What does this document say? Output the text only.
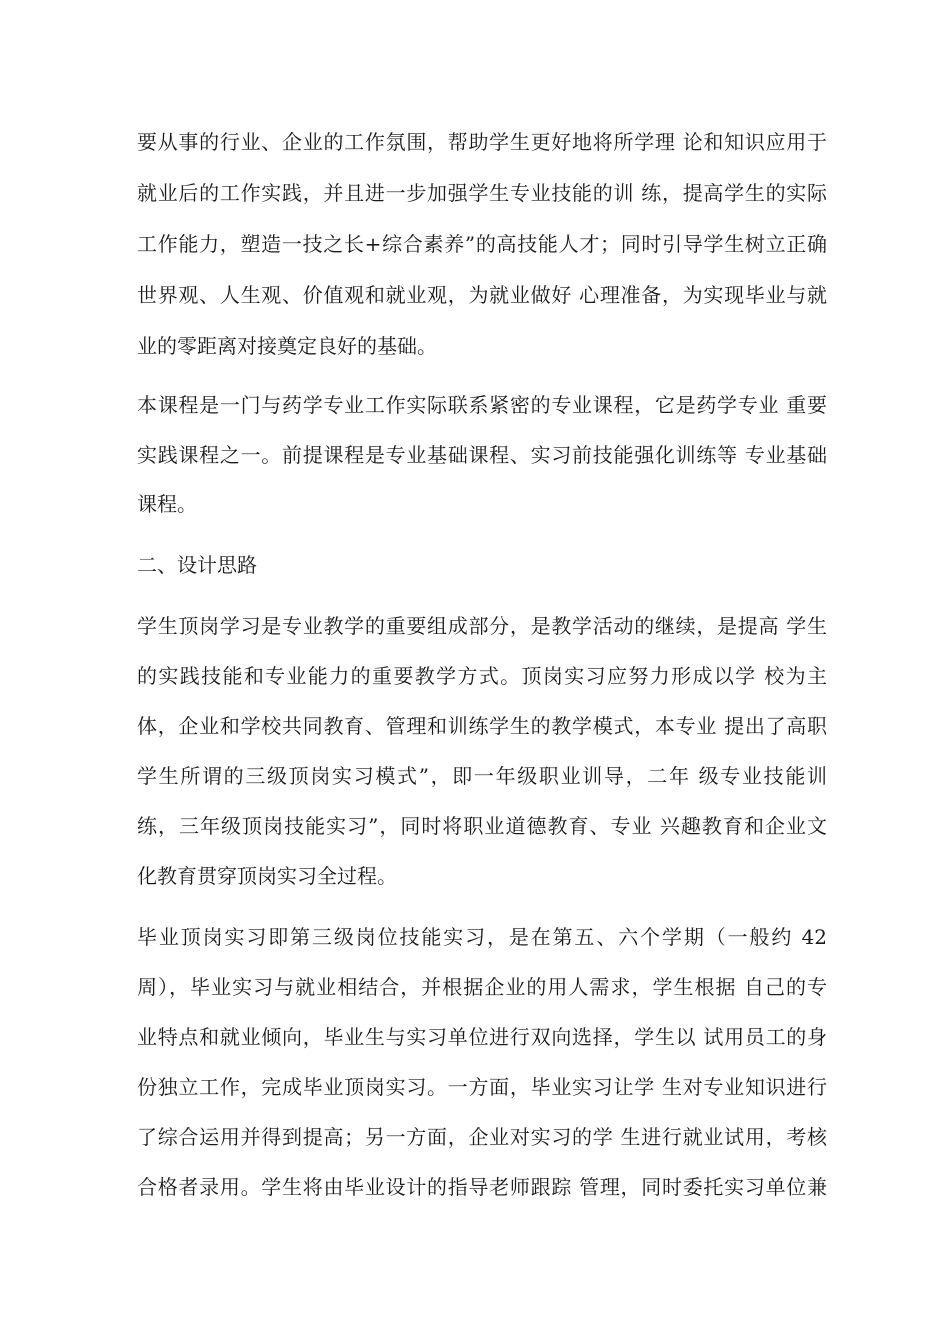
要从事的行业、企业的工作氛围，帮助学生更好地将所学理 论和知识应用于
就业后的工作实践，并且进一步加强学生专业技能的训 练，提高学生的实际
工作能力，塑造一技之长+综合素养”的高技能人才；同时引导学生树立正确
世界观、人生观、价值观和就业观，为就业做好 心理准备，为实现毕业与就
业的零距离对接奠定良好的基础。
本课程是一门与药学专业工作实际联系紧密的专业课程，它是药学专业 重要
实践课程之一。前提课程是专业基础课程、实习前技能强化训练等 专业基础
课程。
二、设计思路
学生顶岗学习是专业教学的重要组成部分，是教学活动的继续，是提高 学生
的实践技能和专业能力的重要教学方式。顶岗实习应努力形成以学 校为主
体，企业和学校共同教育、管理和训练学生的教学模式，本专业 提出了高职
学生所谓的三级顶岗实习模式”，即一年级职业训导，二年 级专业技能训
练，三年级顶岗技能实习”，同时将职业道德教育、专业 兴趣教育和企业文
化教育贯穿顶岗实习全过程。
毕业顶岗实习即第三级岗位技能实习，是在第五、六个学期（一般约 42
周），毕业实习与就业相结合，并根据企业的用人需求，学生根据 自己的专
业特点和就业倾向，毕业生与实习单位进行双向选择，学生以 试用员工的身
份独立工作，完成毕业顶岗实习。一方面，毕业实习让学 生对专业知识进行
了综合运用并得到提高；另一方面，企业对实习的学 生进行就业试用，考核
合格者录用。学生将由毕业设计的指导老师跟踪 管理，同时委托实习单位兼
